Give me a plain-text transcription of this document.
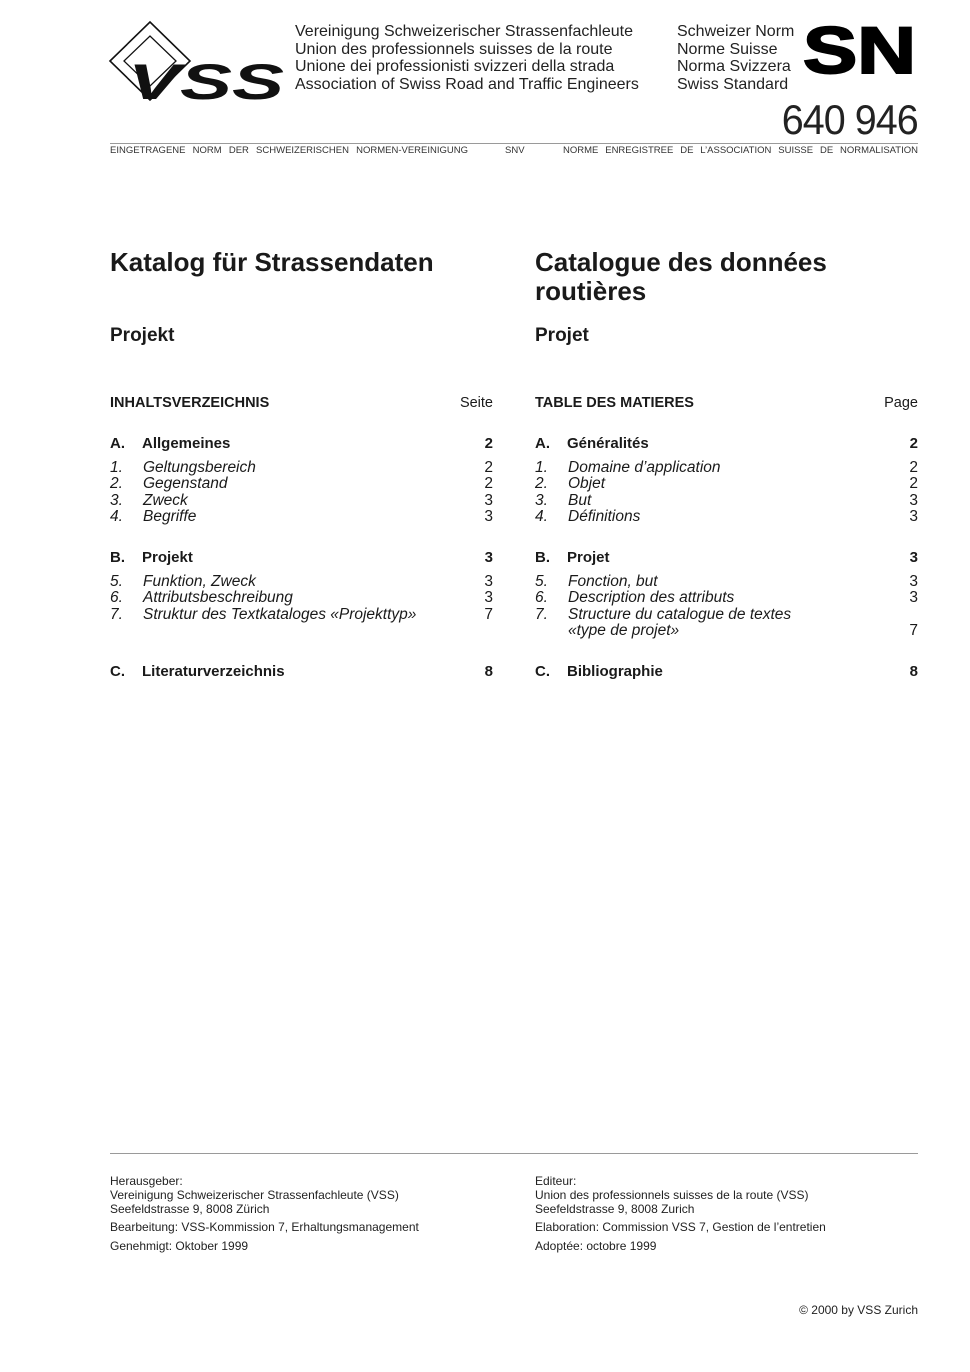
VSS
Vereinigung Schweizerischer Strassenfachleute
Union des professionnels suisses de la route
Unione dei professionisti svizzeri della strada
Association of Swiss Road and Traffic Engineers
Schweizer Norm
Norme Suisse
Norma Svizzera
Swiss Standard SN
640 946
EINGETRAGENE NORM DER SCHWEIZERISCHEN NORMEN-VEREINIGUNG	SNV	NORME ENREGISTREE DE L’ASSOCIATION SUISSE DE NORMALISATION
Katalog für Strassendaten
Projekt
INHALTSVERZEICHNIS	Seite
A.	Allgemeines	2
1.	Geltungsbereich	2
2.	Gegenstand	2
3.	Zweck	3
4.	Begriffe	3
B.	Projekt	3
5.	Funktion, Zweck	3
6.	Attributsbeschreibung	3
7.	Struktur des Textkataloges «Projekttyp»	7
C.	Literaturverzeichnis	8
Catalogue des données routières
Projet
TABLE DES MATIERES	Page
A.	Généralités	2
1.	Domaine d’application	2
2.	Objet	2
3.	But	3
4.	Définitions	3
B.	Projet	3
5.	Fonction, but	3
6.	Description des attributs	3
7.	Structure du catalogue de textes «type de projet»	7
C.	Bibliographie	8
Herausgeber:
Vereinigung Schweizerischer Strassenfachleute (VSS)
Seefeldstrasse 9, 8008 Zürich
Bearbeitung: VSS-Kommission 7, Erhaltungsmanagement
Genehmigt: Oktober 1999
Editeur:
Union des professionnels suisses de la route (VSS)
Seefeldstrasse 9, 8008 Zurich
Elaboration: Commission VSS 7, Gestion de l’entretien
Adoptée: octobre 1999
© 2000 by VSS Zurich
